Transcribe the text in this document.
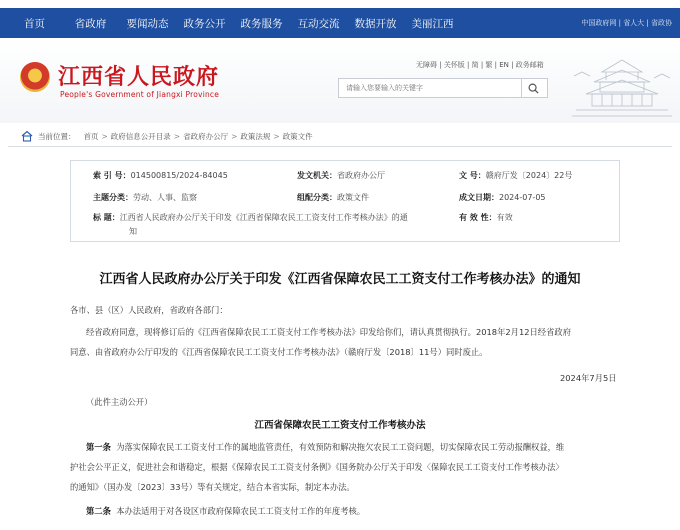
首页	省政府	要闻动态	政务公开	政务服务	互动交流	数据开放	美丽江西	中国政府网 | 省人大 | 省政协
江西省人民政府
People's Government of Jiangxi Province
无障碍 | 关怀版 | 简 | 繁 | EN | 政务邮箱
请输入您要输入的关键字
当前位置： 首页 > 政府信息公开目录 > 省政府办公厅 > 政策法规 > 政策文件
索 引 号：014500815/2024-84045	发文机关：省政府办公厅	文 号：赣府厅发〔2024〕22号
主题分类：劳动、人事、监察	组配分类：政策文件	成文日期：2024-07-05
标 题：江西省人民政府办公厅关于印发《江西省保障农民工工资支付工作考核办法》的通
知
有 效 性：有效
江西省人民政府办公厅关于印发《江西省保障农民工工资支付工作考核办法》的通知
各市、县（区）人民政府，省政府各部门：
经省政府同意，现将修订后的《江西省保障农民工工资支付工作考核办法》印发给你们，请认真贯彻执行。2018年2月12日经省政府
同意、由省政府办公厅印发的《江西省保障农民工工资支付工作考核办法》（赣府厅发〔2018〕11号）同时废止。
2024年7月5日
（此件主动公开）
江西省保障农民工工资支付工作考核办法
第一条 为落实保障农民工工资支付工作的属地监管责任，有效预防和解决拖欠农民工工资问题，切实保障农民工劳动报酬权益，维
护社会公平正义，促进社会和谐稳定，根据《保障农民工工资支付条例》《国务院办公厅关于印发〈保障农民工工资支付工作考核办法〉
的通知》（国办发〔2023〕33号）等有关规定，结合本省实际，制定本办法。
第二条 本办法适用于对各设区市政府保障农民工工资支付工作的年度考核。
